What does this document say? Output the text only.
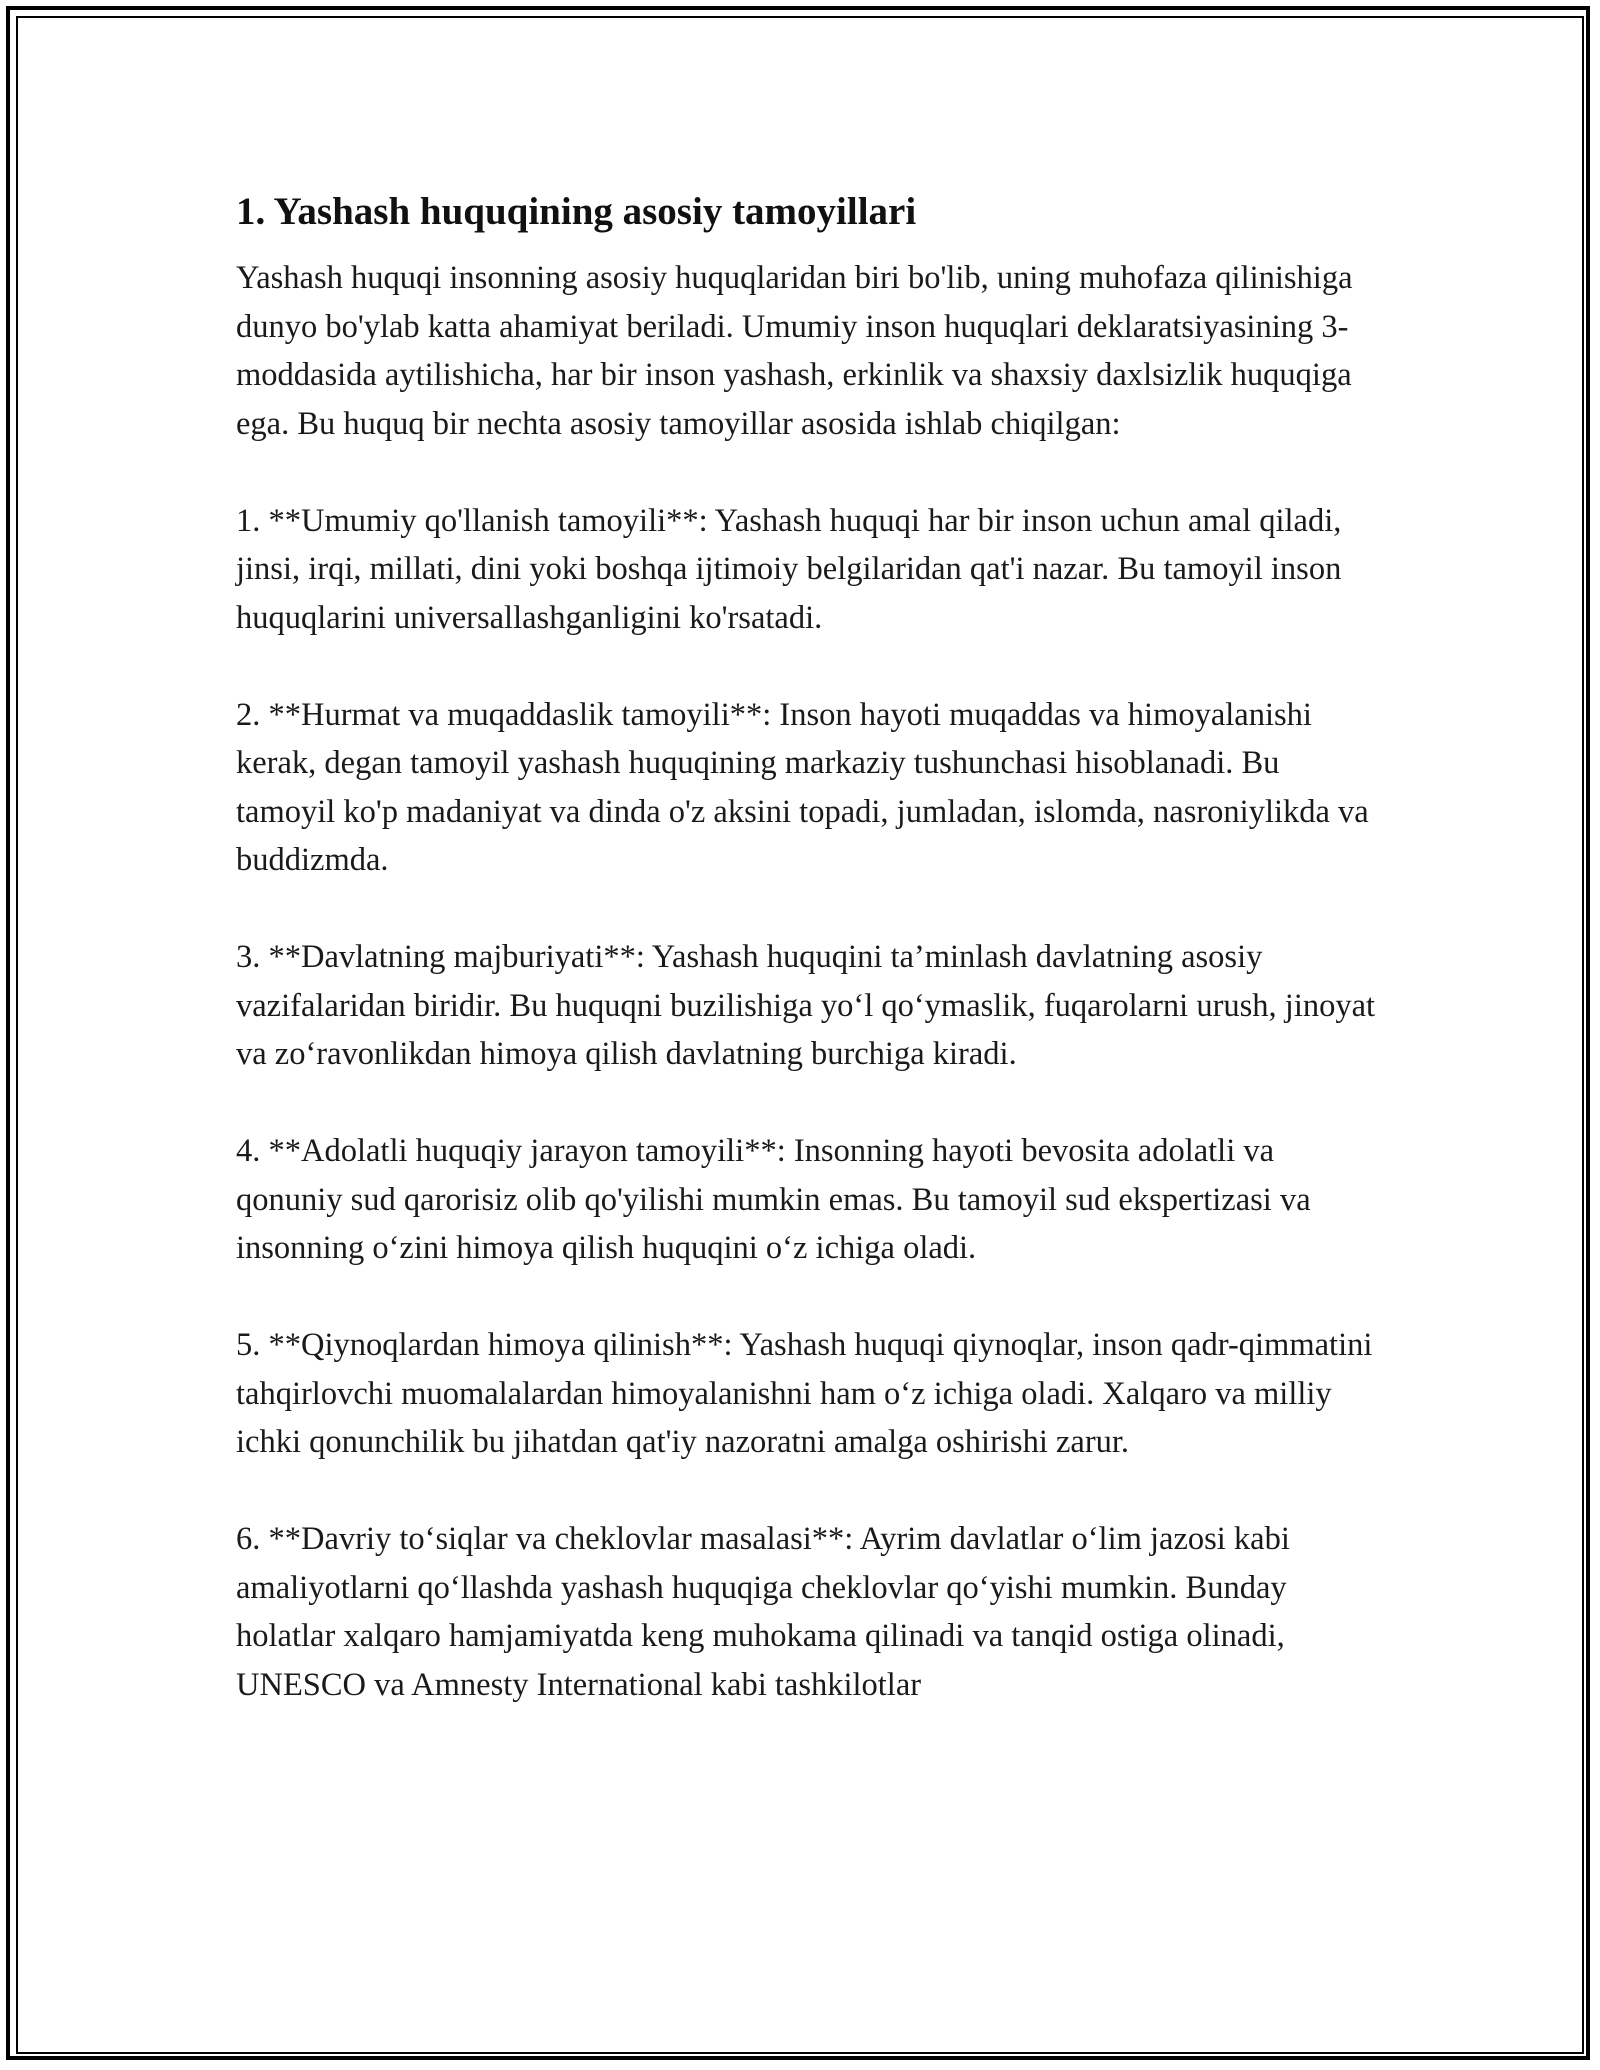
1. Yashash huquqining asosiy tamoyillari

Yashash huquqi insonning asosiy huquqlaridan biri bo'lib, uning muhofaza qilinishiga dunyo bo'ylab katta ahamiyat beriladi. Umumiy inson huquqlari deklaratsiyasining 3-moddasida aytilishicha, har bir inson yashash, erkinlik va shaxsiy daxlsizlik huquqiga ega. Bu huquq bir nechta asosiy tamoyillar asosida ishlab chiqilgan:

1. **Umumiy qo'llanish tamoyili**: Yashash huquqi har bir inson uchun amal qiladi, jinsi, irqi, millati, dini yoki boshqa ijtimoiy belgilaridan qat'i nazar. Bu tamoyil inson huquqlarini universallashganligini ko'rsatadi.

2. **Hurmat va muqaddaslik tamoyili**: Inson hayoti muqaddas va himoyalanishi kerak, degan tamoyil yashash huquqining markaziy tushunchasi hisoblanadi. Bu tamoyil ko'p madaniyat va dinda o'z aksini topadi, jumladan, islomda, nasroniylikda va buddizmda.

3. **Davlatning majburiyati**: Yashash huquqini ta’minlash davlatning asosiy vazifalaridan biridir. Bu huquqni buzilishiga yo‘l qo‘ymaslik, fuqarolarni urush, jinoyat va zo‘ravonlikdan himoya qilish davlatning burchiga kiradi.

4. **Adolatli huquqiy jarayon tamoyili**: Insonning hayoti bevosita adolatli va qonuniy sud qarorisiz olib qo'yilishi mumkin emas. Bu tamoyil sud ekspertizasi va insonning o‘zini himoya qilish huquqini o‘z ichiga oladi.

5. **Qiynoqlardan himoya qilinish**: Yashash huquqi qiynoqlar, inson qadr-qimmatini tahqirlovchi muomalalardan himoyalanishni ham o‘z ichiga oladi. Xalqaro va milliy ichki qonunchilik bu jihatdan qat'iy nazoratni amalga oshirishi zarur.

6. **Davriy to‘siqlar va cheklovlar masalasi**: Ayrim davlatlar o‘lim jazosi kabi amaliyotlarni qo‘llashda yashash huquqiga cheklovlar qo‘yishi mumkin. Bunday holatlar xalqaro hamjamiyatda keng muhokama qilinadi va tanqid ostiga olinadi, UNESCO va Amnesty International kabi tashkilotlar
